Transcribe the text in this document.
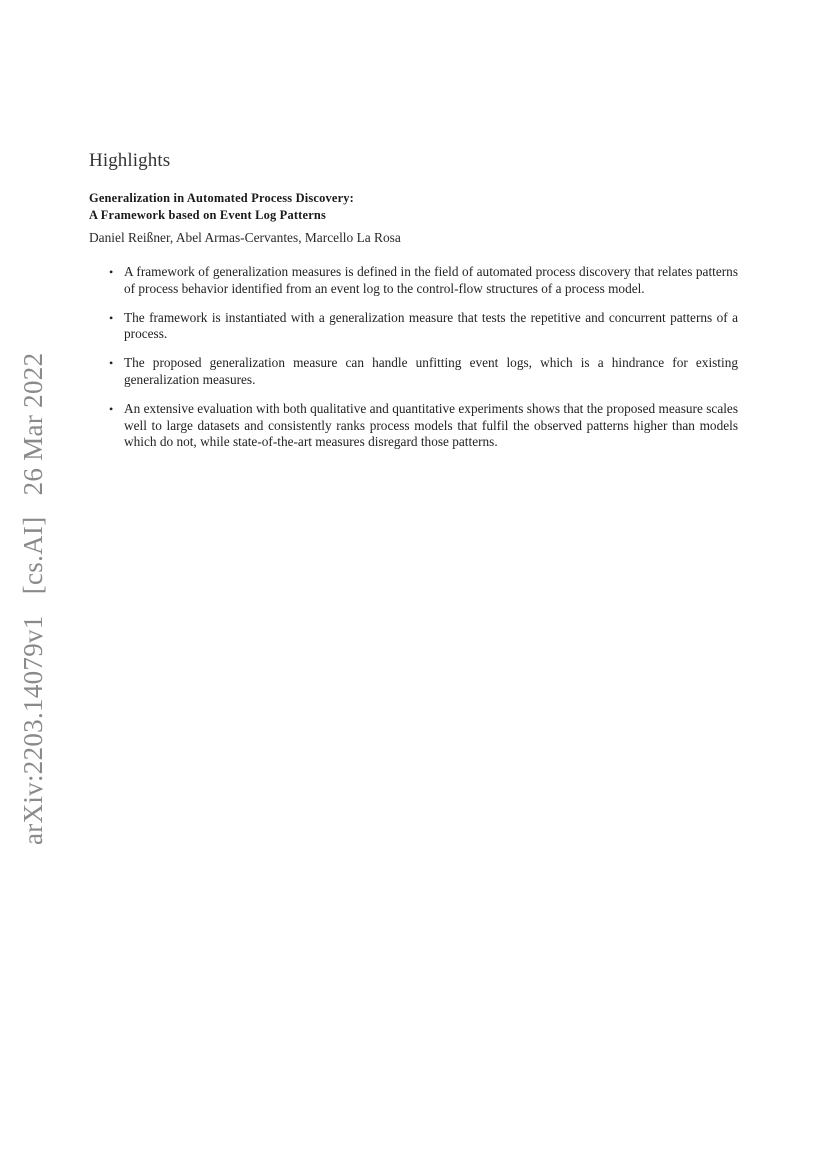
arXiv:2203.14079v1 [cs.AI] 26 Mar 2022
Highlights
Generalization in Automated Process Discovery:
A Framework based on Event Log Patterns
Daniel Reißner, Abel Armas-Cervantes, Marcello La Rosa
• A framework of generalization measures is defined in the field of automated process discovery that relates patterns of process behavior identified from an event log to the control-flow structures of a process model.
• The framework is instantiated with a generalization measure that tests the repetitive and concurrent patterns of a process.
• The proposed generalization measure can handle unfitting event logs, which is a hindrance for existing generalization measures.
• An extensive evaluation with both qualitative and quantitative experiments shows that the proposed measure scales well to large datasets and consistently ranks process models that fulfil the observed patterns higher than models which do not, while state-of-the-art measures disregard those patterns.
